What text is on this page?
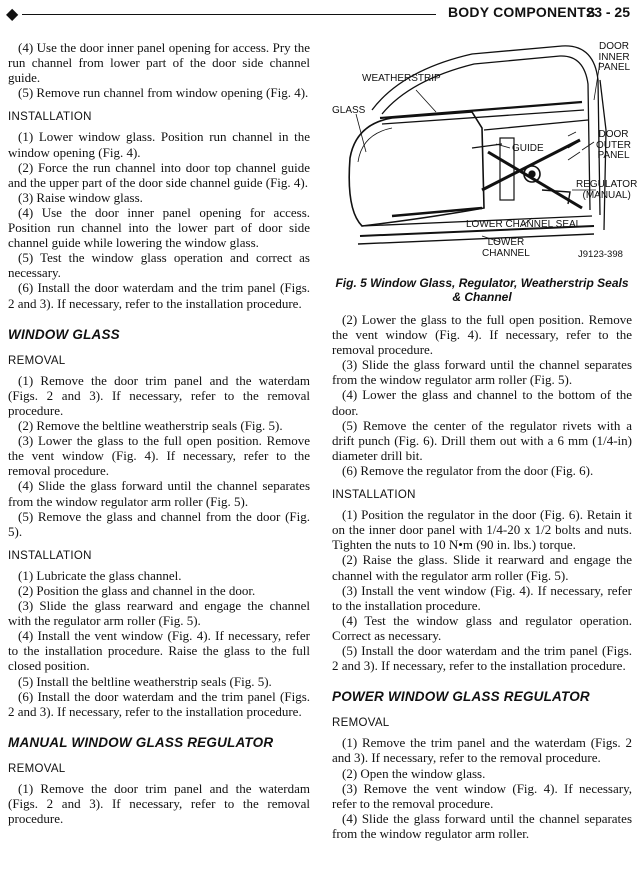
◆	BODY COMPONENTS
23 - 25

(4) Use the door inner panel opening for access. Pry the run channel from lower part of the door side channel guide.

(5) Remove run channel from window opening (Fig. 4).

INSTALLATION

(1) Lower window glass. Position run channel in the window opening (Fig. 4).

(2) Force the run channel into door top channel guide and the upper part of the door side channel guide (Fig. 4).

(3) Raise window glass.

(4) Use the door inner panel opening for access. Position run channel into the lower part of door side channel guide while lowering the window glass.

(5) Test the window glass operation and correct as necessary.

(6) Install the door waterdam and the trim panel (Figs. 2 and 3). If necessary, refer to the installation procedure.

WINDOW GLASS
REMOVAL

(1) Remove the door trim panel and the waterdam (Figs. 2 and 3). If necessary, refer to the removal procedure.

(2) Remove the beltline weatherstrip seals (Fig. 5).

(3) Lower the glass to the full open position. Remove the vent window (Fig. 4). If necessary, refer to the removal procedure.

(4) Slide the glass forward until the channel separates from the window regulator arm roller (Fig. 5).

(5) Remove the glass and channel from the door (Fig. 5).

INSTALLATION

(1) Lubricate the glass channel.

(2) Position the glass and channel in the door.

(3) Slide the glass rearward and engage the channel with the regulator arm roller (Fig. 5).

(4) Install the vent window (Fig. 4). If necessary, refer to the installation procedure. Raise the glass to the full closed position.

(5) Install the beltline weatherstrip seals (Fig. 5).

(6) Install the door waterdam and the trim panel (Figs. 2 and 3). If necessary, refer to the installation procedure.

MANUAL WINDOW GLASS REGULATOR
REMOVAL

(1) Remove the door trim panel and the waterdam (Figs. 2 and 3). If necessary, refer to the removal procedure.

DOOR
INNER
PANEL
WEATHERSTRIP
GLASS
GUIDE
DOOR
OUTER
PANEL
REGULATOR
(MANUAL)
LOWER CHANNEL SEAL
LOWER
CHANNEL	J9123-398
Fig. 5 Window Glass, Regulator, Weatherstrip Seals & Channel

(2) Lower the glass to the full open position. Remove the vent window (Fig. 4). If necessary, refer to the removal procedure.

(3) Slide the glass forward until the channel separates from the window regulator arm roller (Fig. 5).

(4) Lower the glass and channel to the bottom of the door.

(5) Remove the center of the regulator rivets with a drift punch (Fig. 6). Drill them out with a 6 mm (1/4-in) diameter drill bit.

(6) Remove the regulator from the door (Fig. 6).

INSTALLATION

(1) Position the regulator in the door (Fig. 6). Retain it on the inner door panel with 1/4-20 x 1/2 bolts and nuts. Tighten the nuts to 10 N•m (90 in. lbs.) torque.

(2) Raise the glass. Slide it rearward and engage the channel with the regulator arm roller (Fig. 5).

(3) Install the vent window (Fig. 4). If necessary, refer to the installation procedure.

(4) Test the window glass and regulator operation. Correct as necessary.

(5) Install the door waterdam and the trim panel (Figs. 2 and 3). If necessary, refer to the installation procedure.

POWER WINDOW GLASS REGULATOR
REMOVAL

(1) Remove the trim panel and the waterdam (Figs. 2 and 3). If necessary, refer to the removal procedure.

(2) Open the window glass.

(3) Remove the vent window (Fig. 4). If necessary, refer to the removal procedure.

(4) Slide the glass forward until the channel separates from the window regulator arm roller.
